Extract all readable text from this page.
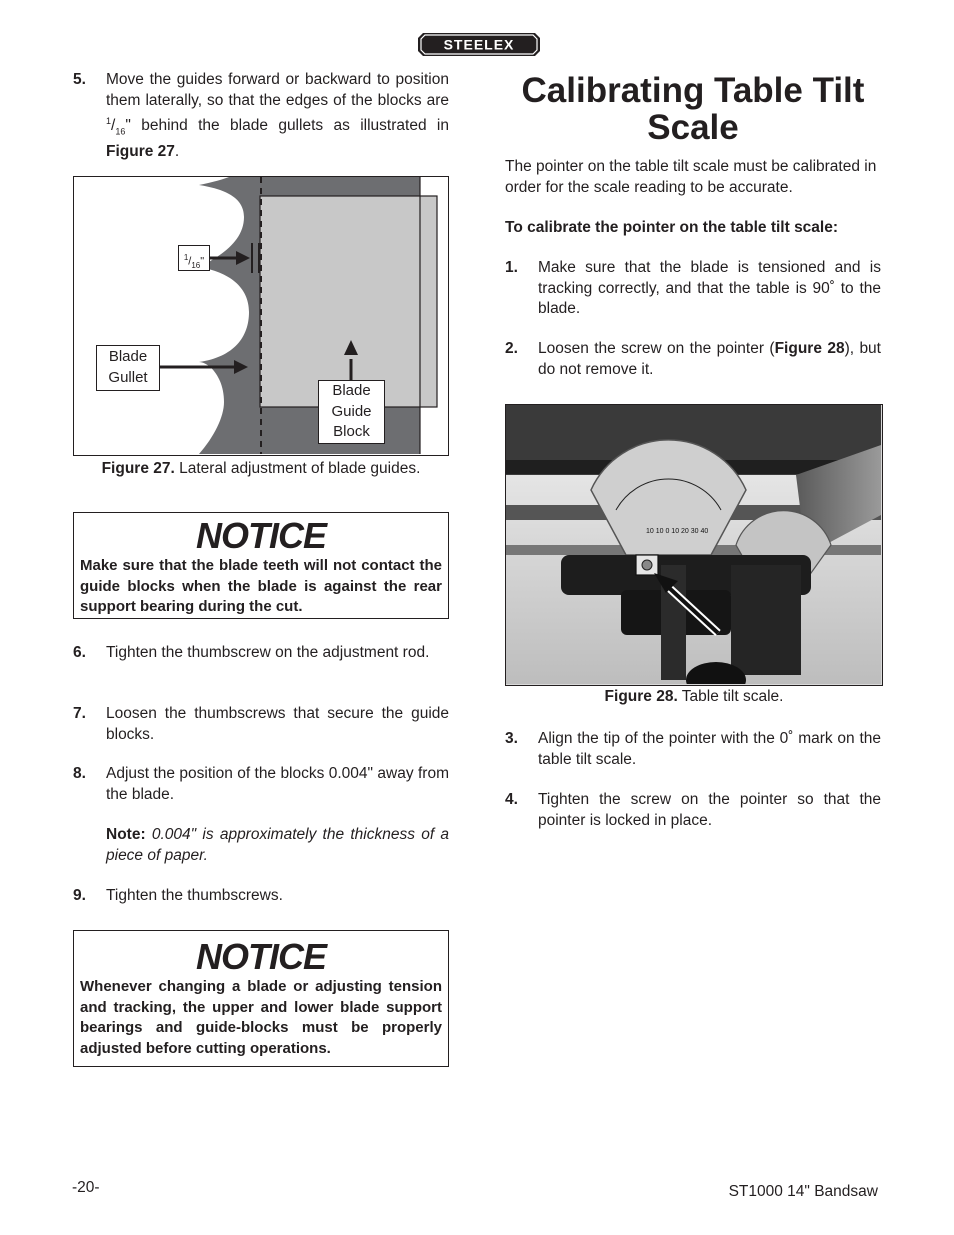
STEELEX
5. Move the guides forward or backward to position them laterally, so that the edges of the blocks are $^1/_{16}$" behind the blade gullets as illustrated in Figure 27.
$^1/_{16}$"
Blade
Gullet
Blade
Guide
Block
Figure 27. Lateral adjustment of blade guides.
NOTICE
Make sure that the blade teeth will not contact the guide blocks when the blade is against the rear support bearing during the cut.
6. Tighten the thumbscrew on the adjustment rod.
7. Loosen the thumbscrews that secure the guide blocks.
8. Adjust the position of the blocks 0.004" away from the blade.
Note: 0.004" is approximately the thickness of a piece of paper.
9. Tighten the thumbscrews.
NOTICE
Whenever changing a blade or adjusting tension and tracking, the upper and lower blade support bearings and guide-blocks must be properly adjusted before cutting operations.
Calibrating Table Tilt
Scale
The pointer on the table tilt scale must be calibrated in order for the scale reading to be accurate.
To calibrate the pointer on the table tilt scale:
1. Make sure that the blade is tensioned and is tracking correctly, and that the table is 90˚ to the blade.
2. Loosen the screw on the pointer (Figure 28), but do not remove it.
10 10 0 10 20 30 40
Figure 28. Table tilt scale.
3. Align the tip of the pointer with the 0˚ mark on the table tilt scale.
4. Tighten the screw on the pointer so that the pointer is locked in place.
-20-	ST1000 14" Bandsaw
